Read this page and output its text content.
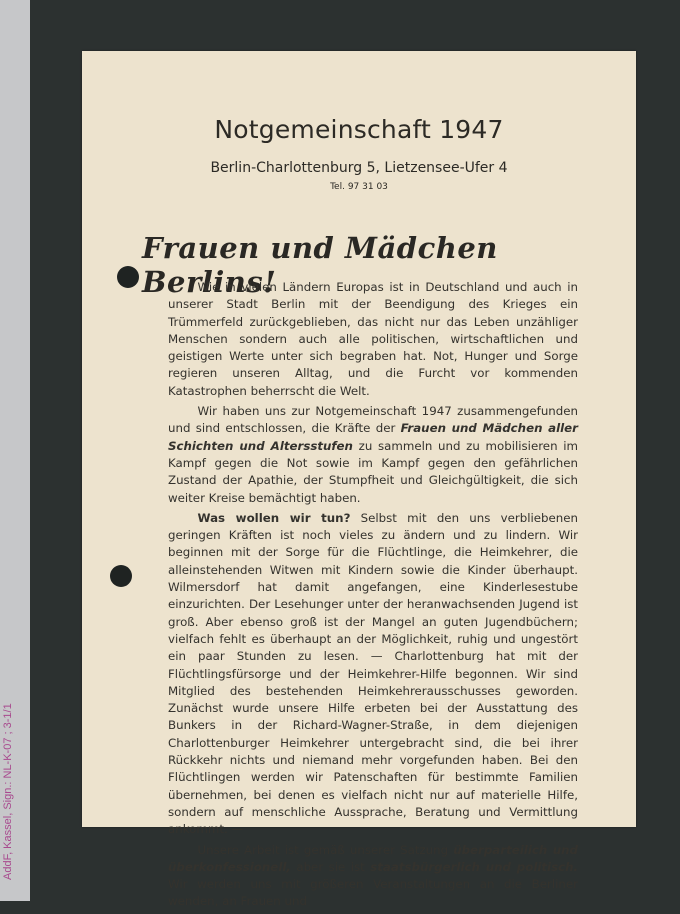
AddF, Kassel, Sign.: NL-K-07 ; 3-1/1
Notgemeinschaft 1947
Berlin-Charlottenburg 5, Lietzensee-Ufer 4
Tel. 97 31 03
Frauen und Mädchen Berlins!

   Wie in vielen Ländern Europas ist in Deutschland und auch in unserer Stadt Berlin mit der Beendigung des Krieges ein Trümmerfeld zurückgeblieben, das nicht nur das Leben unzähliger Menschen sondern auch alle politischen, wirtschaftlichen und geistigen Werte unter sich begraben hat. Not, Hunger und Sorge regieren unseren Alltag, und die Furcht vor kommenden Katastrophen beherrscht die Welt.

   Wir haben uns zur Notgemeinschaft 1947 zusammengefunden und sind entschlossen, die Kräfte der Frauen und Mädchen aller Schichten und Altersstufen zu sammeln und zu mobilisieren im Kampf gegen die Not sowie im Kampf gegen den gefährlichen Zustand der Apathie, der Stumpfheit und Gleichgültigkeit, die sich weiter Kreise bemächtigt haben.

   Was wollen wir tun? Selbst mit den uns verbliebenen geringen Kräften ist noch vieles zu ändern und zu lindern. Wir beginnen mit der Sorge für die Flüchtlinge, die Heimkehrer, die alleinstehenden Witwen mit Kindern sowie die Kinder überhaupt. Wilmersdorf hat damit angefangen, eine Kinderlesestube einzurichten. Der Lesehunger unter der heranwachsenden Jugend ist groß. Aber ebenso groß ist der Mangel an guten Jugendbüchern; vielfach fehlt es überhaupt an der Möglichkeit, ruhig und ungestört ein paar Stunden zu lesen. — Charlottenburg hat mit der Flüchtlingsfürsorge und der Heimkehrer-Hilfe begonnen. Wir sind Mitglied des bestehenden Heimkehrerausschusses geworden. Zunächst wurde unsere Hilfe erbeten bei der Ausstattung des Bunkers in der Richard-Wagner-Straße, in dem diejenigen Charlottenburger Heimkehrer untergebracht sind, die bei ihrer Rückkehr nichts und niemand mehr vorgefunden haben. Bei den Flüchtlingen werden wir Patenschaften für bestimmte Familien übernehmen, bei denen es vielfach nicht nur auf materielle Hilfe, sondern auf menschliche Aussprache, Beratung und Vermittlung ankommt. —

   Unsere Arbeit ist gemäß unserer Satzung überparteilich und überkonfessionell, aber sie ist staatsbürgerlich und politisch. Wir werden uns mit größeren Veranstaltungen an die Berliner wenden, an Frauen und
